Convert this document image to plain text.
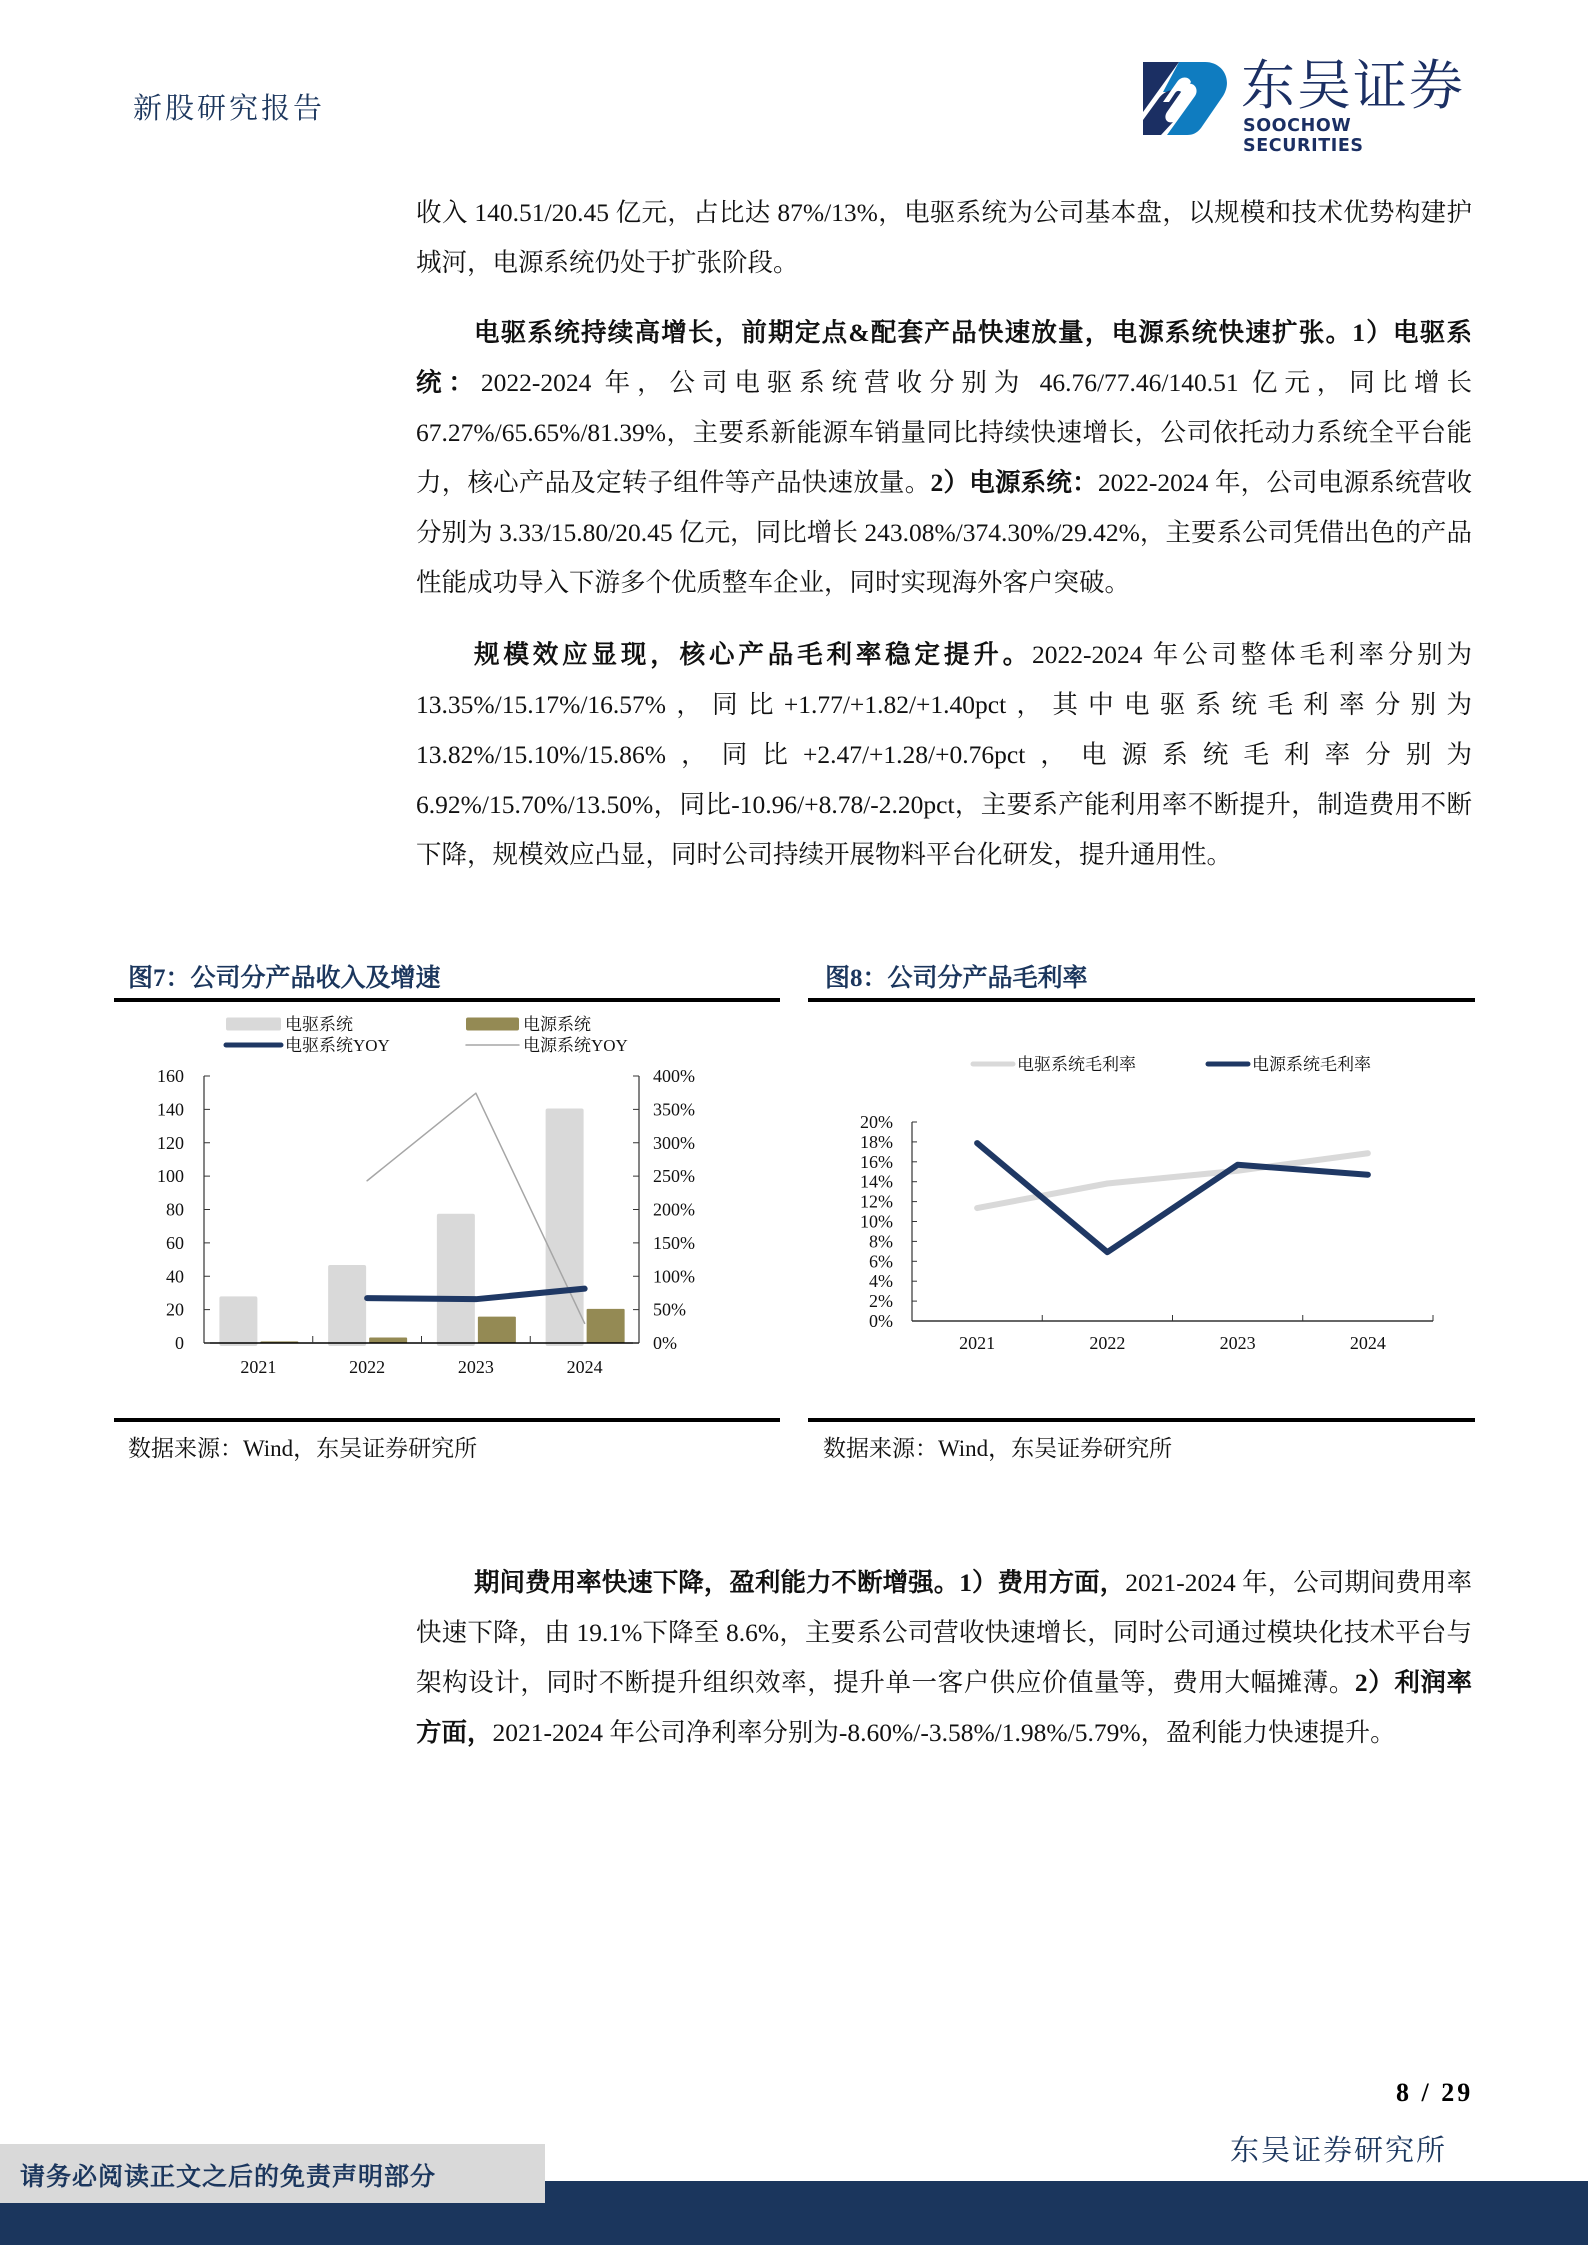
新股研究报告	东吴证券
SOOCHOW SECURITIES

收入 140.51/20.45 亿元，占比达 87%/13%，电驱系统为公司基本盘，以规模和技术优势构建护城河，电源系统仍处于扩张阶段。

电驱系统持续高增长，前期定点&配套产品快速放量，电源系统快速扩张。1）电驱系统：2022-2024 年，公司电驱系统营收分别为 46.76/77.46/140.51 亿元，同比增长 67.27%/65.65%/81.39%，主要系新能源车销量同比持续快速增长，公司依托动力系统全平台能力，核心产品及定转子组件等产品快速放量。2）电源系统：2022-2024 年，公司电源系统营收分别为 3.33/15.80/20.45 亿元，同比增长 243.08%/374.30%/29.42%，主要系公司凭借出色的产品性能成功导入下游多个优质整车企业，同时实现海外客户突破。

规模效应显现，核心产品毛利率稳定提升。2022-2024 年公司整体毛利率分别为 13.35%/15.17%/16.57%，同比+1.77/+1.82/+1.40pct，其中电驱系统毛利率分别为 13.82%/15.10%/15.86%，同比+2.47/+1.28/+0.76pct，电源系统毛利率分别为 6.92%/15.70%/13.50%，同比-10.96/+8.78/-2.20pct，主要系产能利用率不断提升，制造费用不断下降，规模效应凸显，同时公司持续开展物料平台化研发，提升通用性。

图7：公司分产品收入及增速
电驱系统	电源系统
电驱系统YOY	电源系统YOY
2021	2022	2023	2024
0
20
40
60
80
100
120
140
160
0%
50%
100%
150%
200%
250%
300%
350%
400%
数据来源：Wind，东吴证券研究所
图8：公司分产品毛利率
电驱系统毛利率	电源系统毛利率
0%
2%
4%
6%
8%
10%
12%
14%
16%
18%
20%
2021	2022	2023	2024
数据来源：Wind，东吴证券研究所

期间费用率快速下降，盈利能力不断增强。1）费用方面，2021-2024 年，公司期间费用率快速下降，由 19.1%下降至 8.6%，主要系公司营收快速增长，同时公司通过模块化技术平台与架构设计，同时不断提升组织效率，提升单一客户供应价值量等，费用大幅摊薄。2）利润率方面，2021-2024 年公司净利率分别为-8.60%/-3.58%/1.98%/5.79%，盈利能力快速提升。

8 / 29
东吴证券研究所
请务必阅读正文之后的免责声明部分
